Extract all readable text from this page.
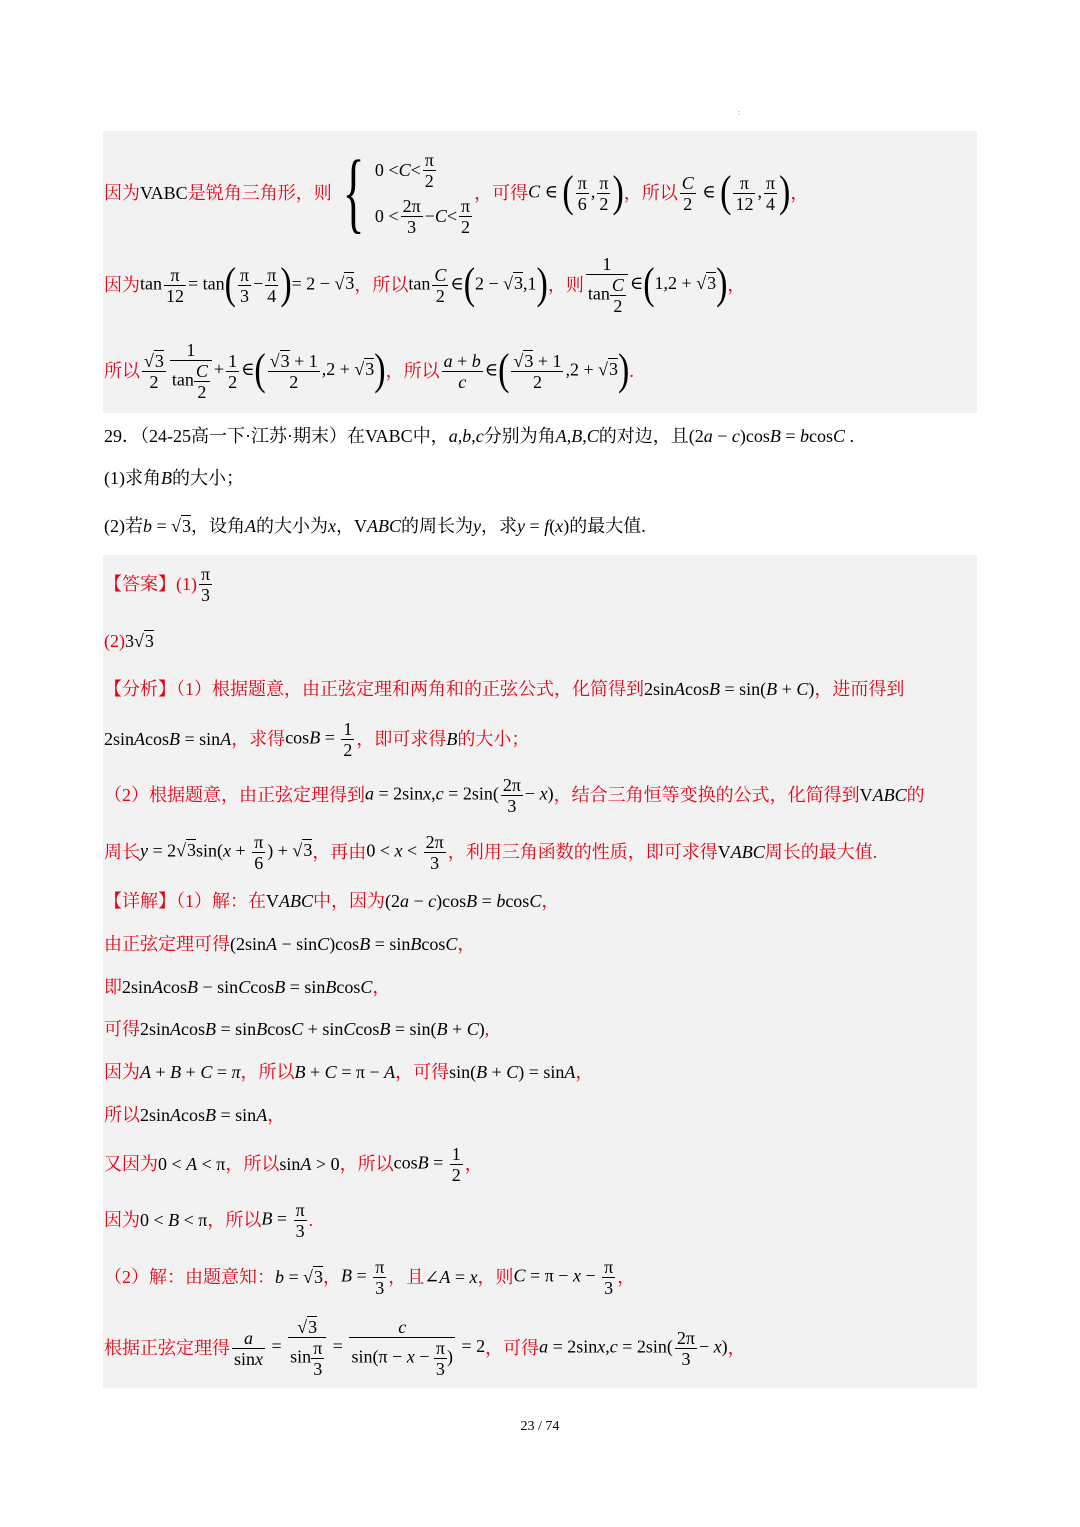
:
因为 VABC 是锐角三角形，则 { $0 < C < \frac{\pi}{2}$
$0 < \frac{2\pi}{3} - C < \frac{\pi}{2}$
，可得 C ∈ ( $\frac{\pi}{6}$ , $\frac{\pi}{2}$ ) ，所以 $\frac{C}{2}$ ∈ ( $\frac{\pi}{12}$ , $\frac{\pi}{4}$ ) ，
因为 $\tan \frac{\pi}{12} = \tan( \frac{\pi}{3} - \frac{\pi}{4}$ )= 2 − √3 ，所以 $\tan \frac{C}{2}$ ∈(2 − √3,1) ，则 $\frac{1}{\tan \frac{C}{2}}$ ∈(1,2 + √3) ，
所以 $\frac{√3}{2} \frac{1}{\tan \frac{C}{2}} + \frac{1}{2}$ ∈( $\frac{√3 + 1}{2} ,2 + √3$) ，所以 $\frac{a + b}{c}$ ∈( $\frac{√3 + 1}{2} ,2 + √3$) .
29．（24-25高一下·江苏·期末）在VABC中，a,b,c分别为角A,B,C的对边，且(2a − c)cosB = bcosC .
(1)求角B的大小；
(2)若b = √3，设角A的大小为x，VABC的周长为y，求y = f(x)的最大值.
【答案】 $(1) \frac{\pi}{3}$
(2)3√3
【分析】（1）根据题意，由正弦定理和两角和的正弦公式，化简得到2sinAcosB = sin(B + C)，进而得到
2sinAcosB = sinA ，求得 $\cos B = \frac{1}{2}$ ，即可求得 B 的大小；
（2）根据题意，由正弦定理得到 $a = 2\sin x,c = 2\sin( \frac{2\pi}{3} - x)$ ，结合三角恒等变换的公式，化简得到 VABC 的
周长 $y = 2√3\sin(x + \frac{\pi}{6}$ ) + √3 ，再由 $0 < x < \frac{2\pi}{3}$ ，利用三角函数的性质，即可求得 VABC 周长的最大值.
【详解】（1）解：在VABC中，因为(2a − c)cosB = bcosC，
由正弦定理可得(2sinA − sinC)cosB = sinBcosC，
即2sinAcosB − sinCcosB = sinBcosC，
可得2sinAcosB = sinBcosC + sinCcosB = sin(B + C),
因为A + B + C = π，所以B + C = π − A，可得sin(B + C) = sinA，
所以2sinAcosB = sinA，
又因为 0 < A < π ，所以 sinA > 0 ，所以 $\cos B = \frac{1}{2}$ ，
因为 0 < B < π ，所以 $B = \frac{\pi}{3}$ .
（2）解：由题意知： b = √3 ， $B = \frac{\pi}{3}$ ，且 ∠A = x ，则 $C = \pi - x - \frac{\pi}{3}$ ，
根据正弦定理得 $\frac{a}{\sin x} = \frac{√3}{\sin \frac{\pi}{3}} = \frac{c}{\sin(\pi - x - \frac{\pi}{3} )} = 2$ ，可得 $a = 2\sin x,c = 2\sin( \frac{2\pi}{3} - x)$ ，
23 / 74
